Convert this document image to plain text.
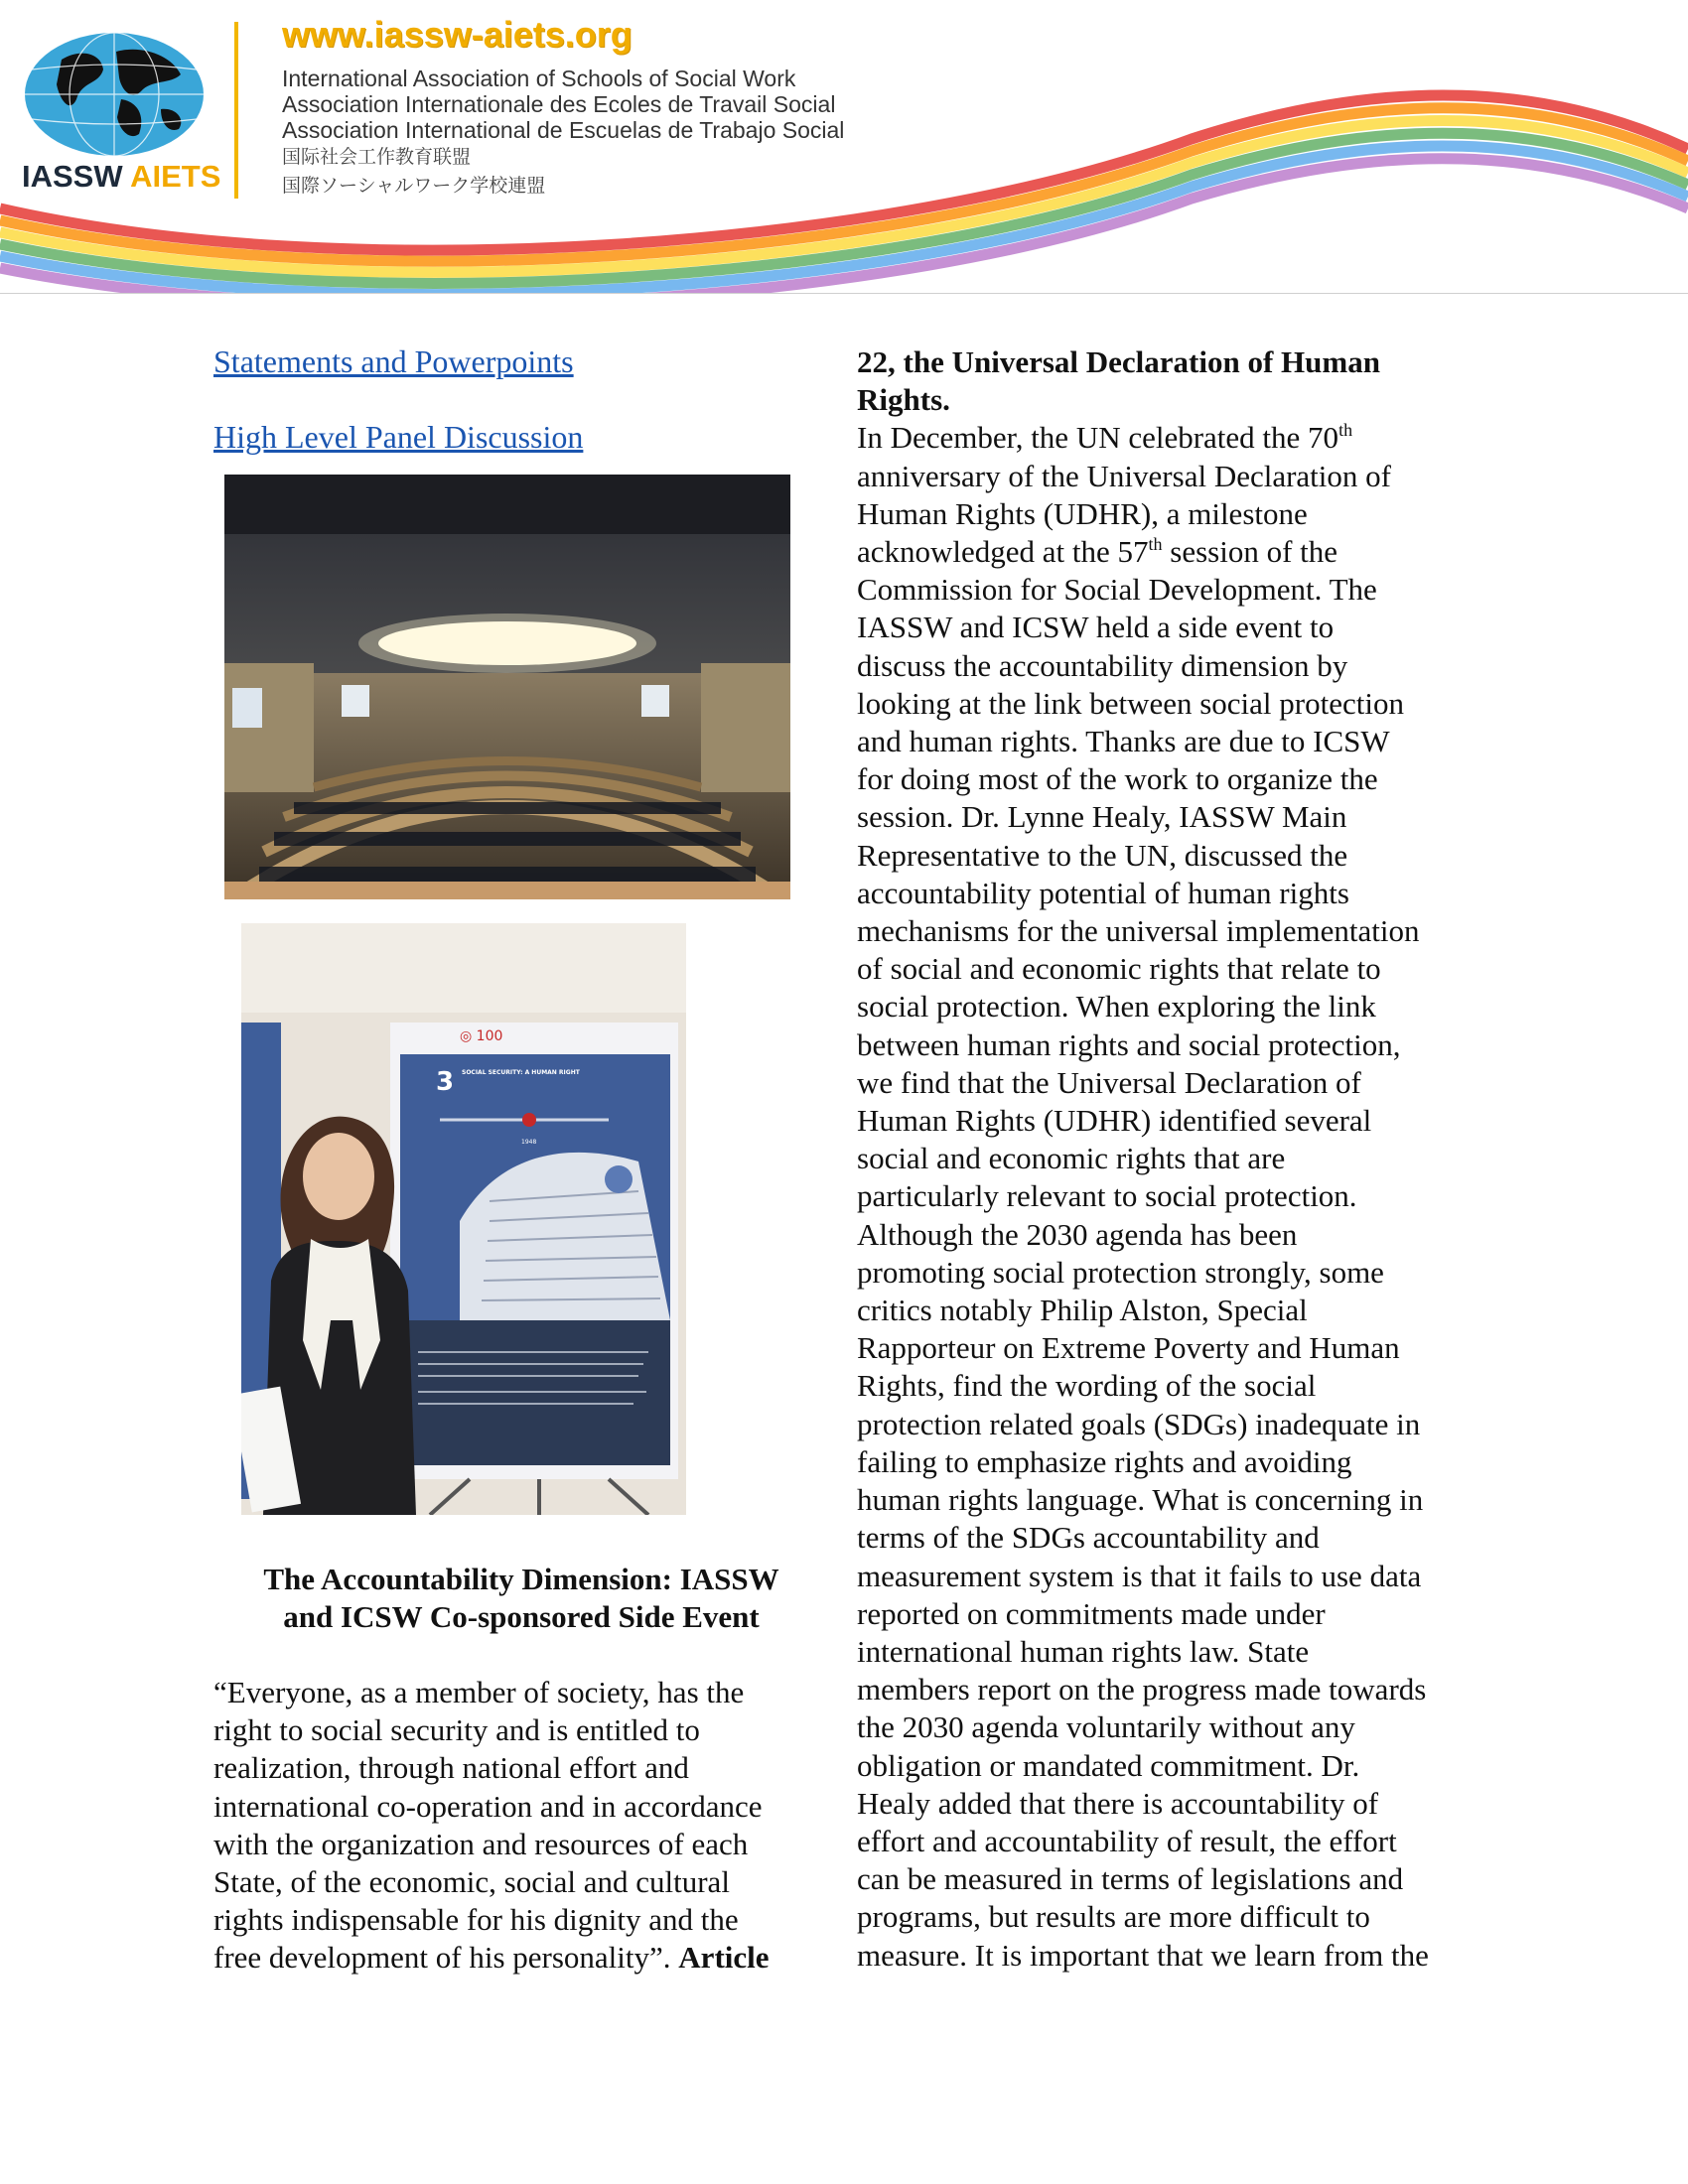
IASSW AIETS
www.iassw-aiets.org
International Association of Schools of Social Work
Association Internationale des Ecoles de Travail Social
Association International de Escuelas de Trabajo Social
国际社会工作教育联盟
国際ソーシャルワーク学校連盟
Statements and Powerpoints
High Level Panel Discussion
3 SOCIAL SECURITY: A HUMAN RIGHT
1948
◎ 100
The Accountability Dimension: IASSW
and ICSW Co-sponsored Side Event
“Everyone, as a member of society, has the
right to social security and is entitled to
realization, through national effort and
international co-operation and in accordance
with the organization and resources of each
State, of the economic, social and cultural
rights indispensable for his dignity and the
free development of his personality”. Article
22, the Universal Declaration of Human
Rights.
In December, the UN celebrated the 70th
anniversary of the Universal Declaration of
Human Rights (UDHR), a milestone
acknowledged at the 57th session of the
Commission for Social Development. The
IASSW and ICSW held a side event to
discuss the accountability dimension by
looking at the link between social protection
and human rights. Thanks are due to ICSW
for doing most of the work to organize the
session. Dr. Lynne Healy, IASSW Main
Representative to the UN, discussed the
accountability potential of human rights
mechanisms for the universal implementation
of social and economic rights that relate to
social protection. When exploring the link
between human rights and social protection,
we find that the Universal Declaration of
Human Rights (UDHR) identified several
social and economic rights that are
particularly relevant to social protection.
Although the 2030 agenda has been
promoting social protection strongly, some
critics notably Philip Alston, Special
Rapporteur on Extreme Poverty and Human
Rights, find the wording of the social
protection related goals (SDGs) inadequate in
failing to emphasize rights and avoiding
human rights language. What is concerning in
terms of the SDGs accountability and
measurement system is that it fails to use data
reported on commitments made under
international human rights law. State
members report on the progress made towards
the 2030 agenda voluntarily without any
obligation or mandated commitment. Dr.
Healy added that there is accountability of
effort and accountability of result, the effort
can be measured in terms of legislations and
programs, but results are more difficult to
measure. It is important that we learn from the
